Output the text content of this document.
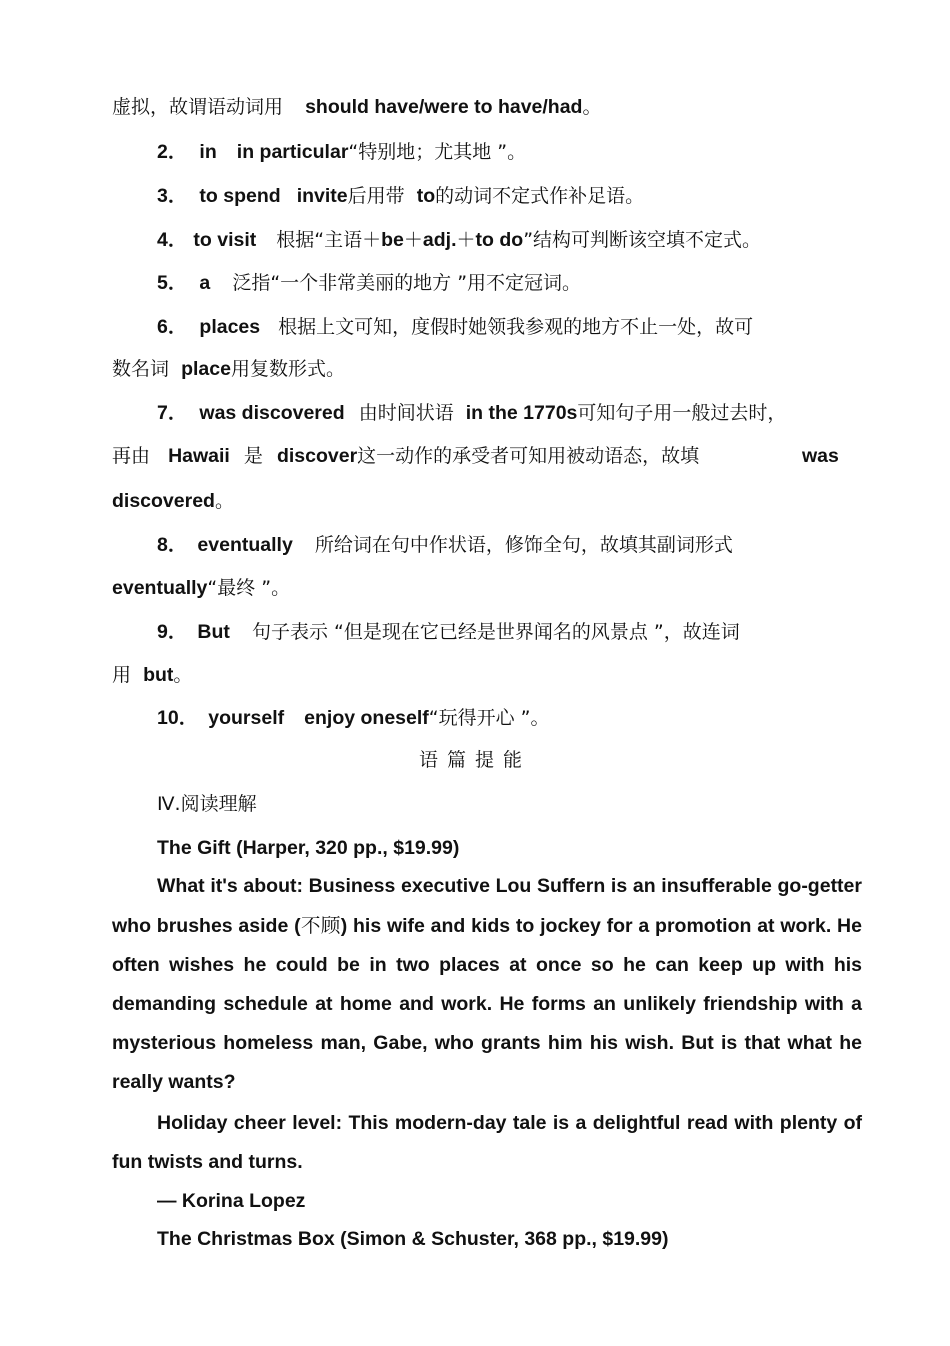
虚拟，故谓语动词用 should have/were to have/had。

2． in in particular“特别地；尤其地 ”。

3． to spend invite后用带 to的动词不定式作补足语。

4． to visit 根据“主语＋be＋adj.＋to do”结构可判断该空填不定式。

5． a 泛指“一个非常美丽的地方 ”用不定冠词。

6． places 根据上文可知，度假时她领我参观的地方不止一处，故可

数名词 place用复数形式。

7． was discovered 由时间状语 in the 1770s可知句子用一般过去时，

再由 Hawaii 是 discover这一动作的承受者可知用被动语态，故填	was

discovered。

8． eventually 所给词在句中作状语，修饰全句，故填其副词形式

eventually“最终 ”。

9． But 句子表示 “但是现在它已经是世界闻名的风景点 ”，故连词

用 but。

10． yourself enjoy oneself“玩得开心 ”。

语篇提能

Ⅳ.阅读理解

The Gift (Harper, 320 pp., $19.99)

What it's about: Business executive Lou Suffern is an insufferable go-getter who brushes aside (不顾) his wife and kids to jockey for a promotion at work. He often wishes he could be in two places at once so he can keep up with his demanding schedule at home and work. He forms an unlikely friendship with a mysterious homeless man, Gabe, who grants him his wish. But is that what he really wants?

Holiday cheer level: This modern-day tale is a delightful read with plenty of fun twists and turns.

— Korina Lopez

The Christmas Box (Simon & Schuster, 368 pp., $19.99)
